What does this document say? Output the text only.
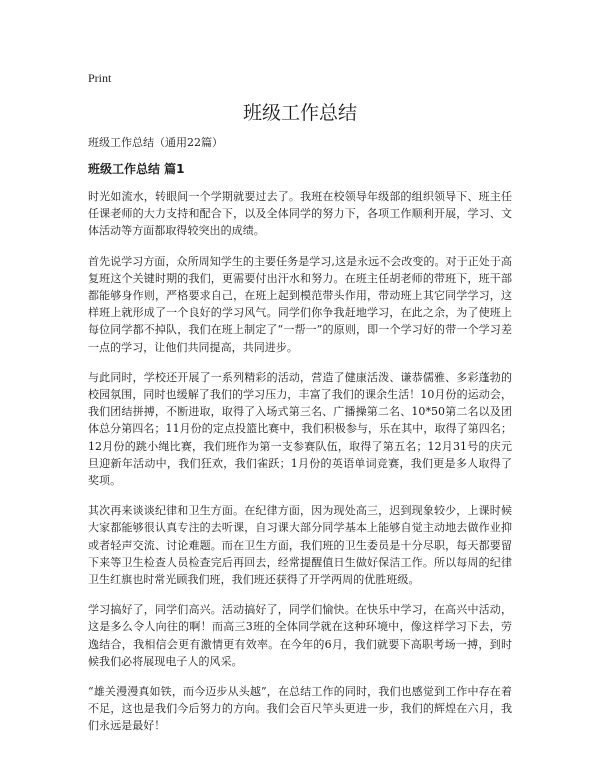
Print
班级工作总结

班级工作总结（通用22篇）

班级工作总结 篇1

时光如流水，转眼间一个学期就要过去了。我班在校领导年级部的组织领导下、班主任任课老师的大力支持和配合下，以及全体同学的努力下，各项工作顺利开展，学习、文体活动等方面都取得较突出的成绩。

首先说学习方面，众所周知学生的主要任务是学习,这是永远不会改变的。对于正处于高复班这个关键时期的我们，更需要付出汗水和努力。在班主任胡老师的带班下，班干部都能够身作则，严格要求自己，在班上起到模范带头作用，带动班上其它同学学习，这样班上就形成了一个良好的学习风气。同学们你争我赶地学习，在此之余，为了使班上每位同学都不掉队，我们在班上制定了“一帮一”的原则，即一个学习好的带一个学习差一点的学习，让他们共同提高，共同进步。

与此同时，学校还开展了一系列精彩的活动，营造了健康活泼、谦恭儒雅、多彩蓬勃的校园氛围，同时也缓解了我们的学习压力，丰富了我们的课余生活！10月份的运动会，我们团结拼搏，不断进取，取得了入场式第三名、广播操第二名、10*50第二名以及团体总分第四名；11月份的定点投篮比赛中，我们积极参与，乐在其中，取得了第四名；12月份的跳小绳比赛，我们班作为第一支参赛队伍，取得了第五名；12月31号的庆元旦迎新年活动中，我们狂欢，我们雀跃；1月份的英语单词竞赛，我们更是多人取得了奖项。

其次再来谈谈纪律和卫生方面。在纪律方面，因为现处高三，迟到现象较少，上课时候大家都能够很认真专注的去听课，自习课大部分同学基本上能够自觉主动地去做作业抑或者轻声交流、讨论难题。而在卫生方面，我们班的卫生委员是十分尽职，每天都要留下来等卫生检查人员检查完后再回去，经常提醒值日生做好保洁工作。所以每周的纪律卫生红旗也时常光顾我们班，我们班还获得了开学两周的优胜班级。

学习搞好了，同学们高兴。活动搞好了，同学们愉快。在快乐中学习，在高兴中活动，这是多么令人向往的啊！而高三3班的全体同学就在这种环境中，像这样学习下去，劳逸结合，我相信会更有激情更有效率。在今年的6月，我们就要下高职考场一搏，到时候我们必将展现电子人的风采。

“雄关漫漫真如铁，而今迈步从头越”，在总结工作的同时，我们也感觉到工作中存在着不足，这也是我们今后努力的方向。我们会百尺竿头更进一步，我们的辉煌在六月，我们永远是最好！
